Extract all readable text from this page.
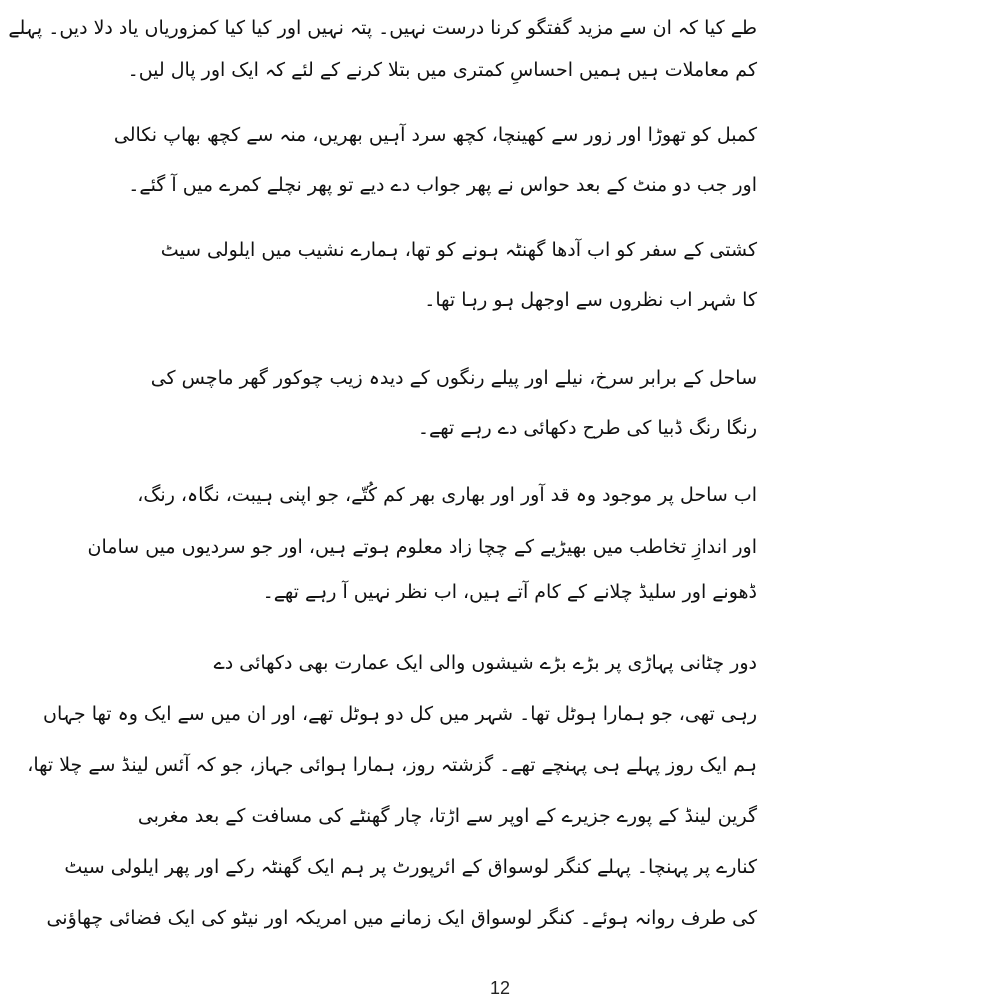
طے کیا کہ ان سے مزید گفتگو کرنا درست نہیں۔ پتہ نہیں اور کیا کیا کمزوریاں یاد دلا دیں۔ پہلے
کم معاملات ہیں ہمیں احساسِ کمتری میں بتلا کرنے کے لئے کہ ایک اور پال لیں۔
کمبل کو تھوڑا اور زور سے کھینچا، کچھ سرد آہیں بھریں، منہ سے کچھ بھاپ نکالی
اور جب دو منٹ کے بعد حواس نے پھر جواب دے دیے تو پھر نچلے کمرے میں آ گئے۔
کشتی کے سفر کو اب آدھا گھنٹہ ہونے کو تھا، ہمارے نشیب میں ایلولی سیٹ
کا شہر اب نظروں سے اوجھل ہو رہا تھا۔
ساحل کے برابر سرخ، نیلے اور پیلے رنگوں کے دیدہ زیب چوکور گھر ماچس کی
رنگا رنگ ڈبیا کی طرح دکھائی دے رہے تھے۔
اب ساحل پر موجود وہ قد آور اور بھاری بھر کم کُتّے، جو اپنی ہیبت، نگاہ، رنگ،
اور اندازِ تخاطب میں بھیڑیے کے چچا زاد معلوم ہوتے ہیں، اور جو سردیوں میں سامان
ڈھونے اور سلیڈ چلانے کے کام آتے ہیں، اب نظر نہیں آ رہے تھے۔
دور چٹانی پہاڑی پر بڑے بڑے شیشوں والی ایک عمارت بھی دکھائی دے
رہی تھی، جو ہمارا ہوٹل تھا۔ شہر میں کل دو ہوٹل تھے، اور ان میں سے ایک وہ تھا جہاں
ہم ایک روز پہلے ہی پہنچے تھے۔ گزشتہ روز، ہمارا ہوائی جہاز، جو کہ آئس لینڈ سے چلا تھا،
گرین لینڈ کے پورے جزیرے کے اوپر سے اڑتا، چار گھنٹے کی مسافت کے بعد مغربی
کنارے پر پہنچا۔ پہلے کنگر لوسواق کے ائرپورٹ پر ہم ایک گھنٹہ رکے اور پھر ایلولی سیٹ
کی طرف روانہ ہوئے۔ کنگر لوسواق ایک زمانے میں امریکہ اور نیٹو کی ایک فضائی چھاؤنی
12
